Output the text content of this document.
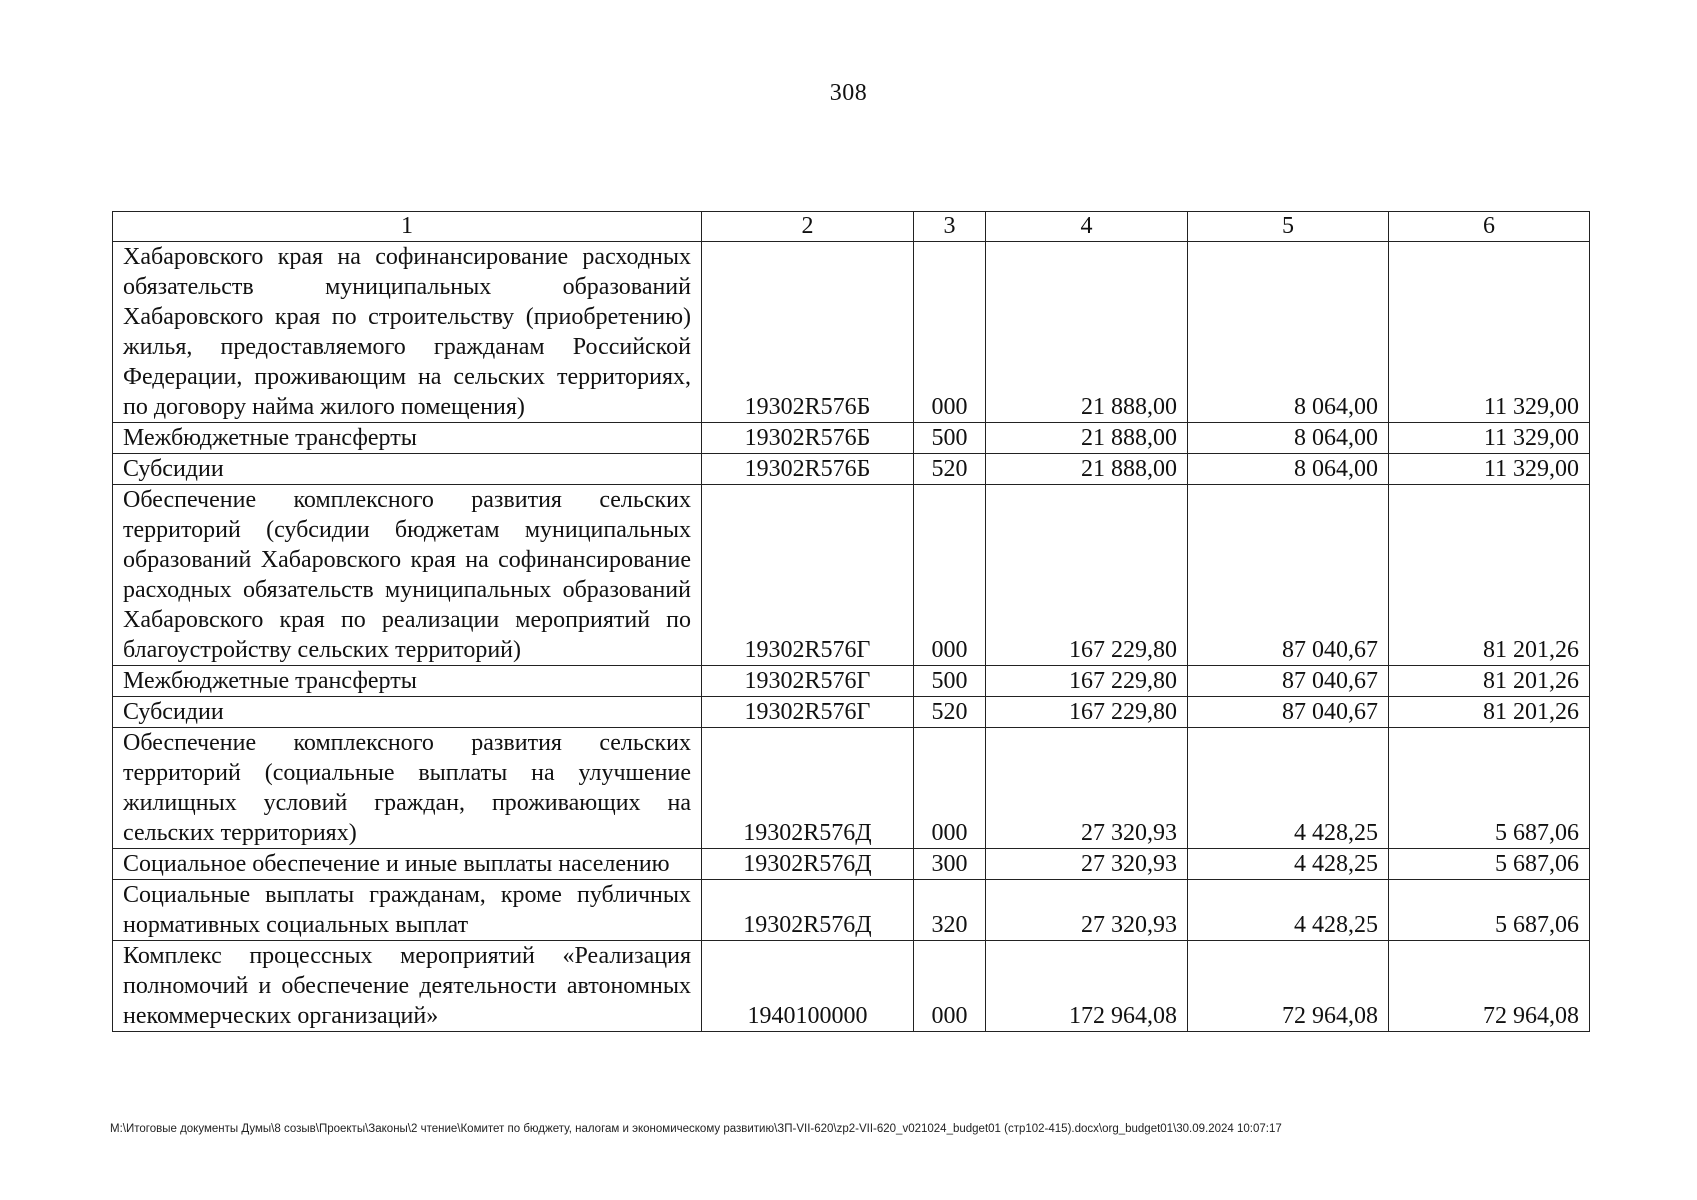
308
1	2	3	4	5	6
Хабаровского края на софинансирование расходных обязательств муниципальных образований Хабаровского края по строительству (приобретению) жилья, предоставляемого гражданам Российской Федерации, проживающим на сельских территориях, по договору найма жилого помещения)	19302R576Б	000	21 888,00	8 064,00	11 329,00
Межбюджетные трансферты	19302R576Б	500	21 888,00	8 064,00	11 329,00
Субсидии	19302R576Б	520	21 888,00	8 064,00	11 329,00
Обеспечение комплексного развития сельских территорий (субсидии бюджетам муниципальных образований Хабаровского края на софинансирование расходных обязательств муниципальных образований Хабаровского края по реализации мероприятий по благоустройству сельских территорий)	19302R576Г	000	167 229,80	87 040,67	81 201,26
Межбюджетные трансферты	19302R576Г	500	167 229,80	87 040,67	81 201,26
Субсидии	19302R576Г	520	167 229,80	87 040,67	81 201,26
Обеспечение комплексного развития сельских территорий (социальные выплаты на улучшение жилищных условий граждан, проживающих на сельских территориях)	19302R576Д	000	27 320,93	4 428,25	5 687,06
Социальное обеспечение и иные выплаты населению	19302R576Д	300	27 320,93	4 428,25	5 687,06
Социальные выплаты гражданам, кроме публичных нормативных социальных выплат	19302R576Д	320	27 320,93	4 428,25	5 687,06
Комплекс процессных мероприятий «Реализация полномочий и обеспечение деятельности автономных некоммерческих организаций»	1940100000	000	172 964,08	72 964,08	72 964,08
M:\Итоговые документы Думы\8 созыв\Проекты\Законы\2 чтение\Комитет по бюджету, налогам и экономическому развитию\ЗП-VII-620\zp2-VII-620_v021024_budget01 (стр102-415).docx\org_budget01\30.09.2024 10:07:17
